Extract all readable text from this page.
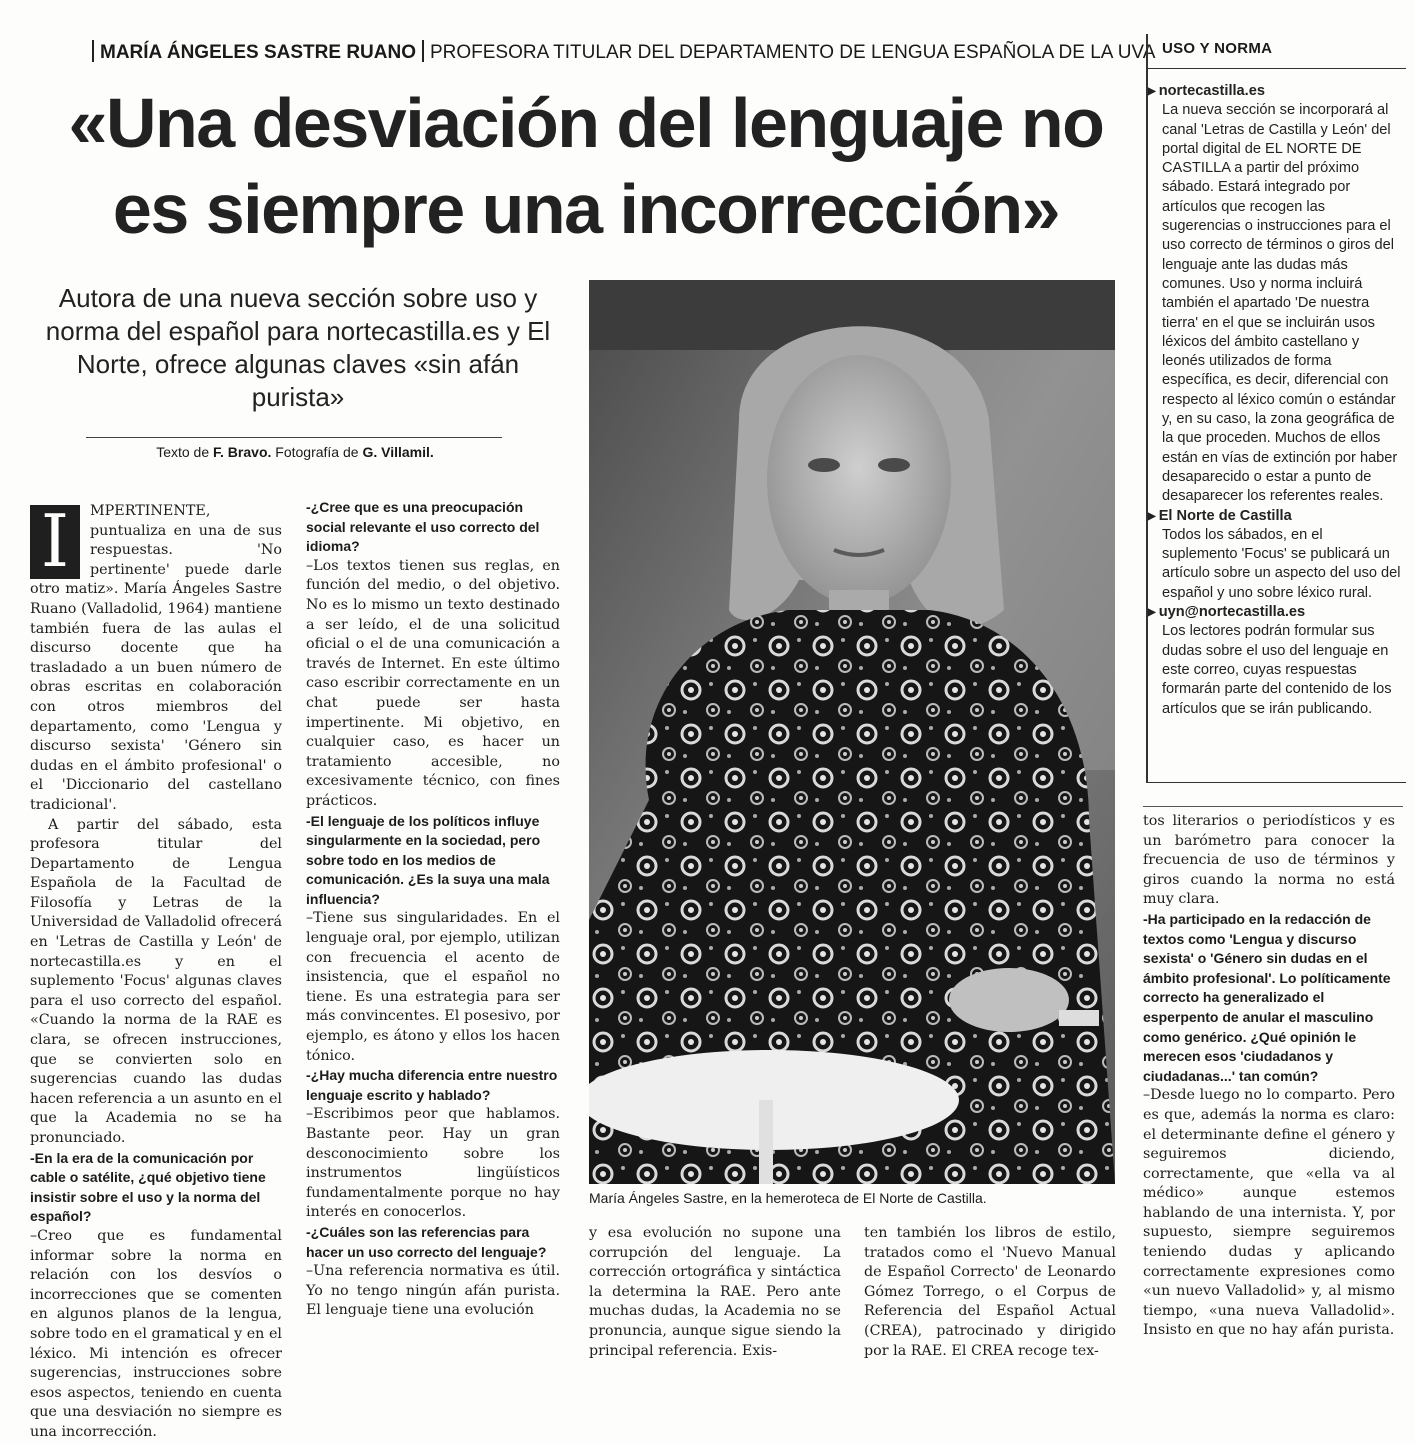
MARÍA ÁNGELES SASTRE RUANO PROFESORA TITULAR DEL DEPARTAMENTO DE LENGUA ESPAÑOLA DE LA UVA
«Una desviación del lenguaje no
es siempre una incorrección»
Autora de una nueva sección sobre uso y norma del español para nortecastilla.es y El Norte, ofrece algunas claves «sin afán purista»
Texto de F. Bravo. Fotografía de G. Villamil.
I	MPERTINENTE, puntualiza en una de sus respuestas. 'No pertinente' puede darle otro matiz». María Ángeles Sastre Ruano (Valladolid, 1964) mantiene también fuera de las aulas el discurso docente que ha trasladado a un buen número de obras escritas en colaboración con otros miembros del departamento, como 'Lengua y discurso sexista' 'Género sin dudas en el ámbito profesional' o el 'Diccionario del castellano tradicional'.

A partir del sábado, esta profesora titular del Departamento de Lengua Española de la Facultad de Filosofía y Letras de la Universidad de Valladolid ofrecerá en 'Letras de Castilla y León' de nortecastilla.es y en el suplemento 'Focus' algunas claves para el uso correcto del español. «Cuando la norma de la RAE es clara, se ofrecen instrucciones, que se convierten solo en sugerencias cuando las dudas hacen referencia a un asunto en el que la Academia no se ha pronunciado.

-En la era de la comunicación por cable o satélite, ¿qué objetivo tiene insistir sobre el uso y la norma del español?

–Creo que es fundamental informar sobre la norma en relación con los desvíos o incorrecciones que se comenten en algunos planos de la lengua, sobre todo en el gramatical y en el léxico. Mi intención es ofrecer sugerencias, instrucciones sobre esos aspectos, teniendo en cuenta que una desviación no siempre es una incorrección.

-¿Cree que es una preocupación social relevante el uso correcto del idioma?

–Los textos tienen sus reglas, en función del medio, o del objetivo. No es lo mismo un texto destinado a ser leído, el de una solicitud oficial o el de una comunicación a través de Internet. En este último caso escribir correctamente en un chat puede ser hasta impertinente. Mi objetivo, en cualquier caso, es hacer un tratamiento accesible, no excesivamente técnico, con fines prácticos.

-El lenguaje de los políticos influye singularmente en la sociedad, pero sobre todo en los medios de comunicación. ¿Es la suya una mala influencia?

–Tiene sus singularidades. En el lenguaje oral, por ejemplo, utilizan con frecuencia el acento de insistencia, que el español no tiene. Es una estrategia para ser más convincentes. El posesivo, por ejemplo, es átono y ellos los hacen tónico.

-¿Hay mucha diferencia entre nuestro lenguaje escrito y hablado?

–Escribimos peor que hablamos. Bastante peor. Hay un gran desconocimiento sobre los instrumentos lingüísticos fundamentalmente porque no hay interés en conocerlos.

-¿Cuáles son las referencias para hacer un uso correcto del lenguaje?

–Una referencia normativa es útil. Yo no tengo ningún afán purista. El lenguaje tiene una evolución

María Ángeles Sastre, en la hemeroteca de El Norte de Castilla.

y esa evolución no supone una corrupción del lenguaje. La corrección ortográfica y sintáctica la determina la RAE. Pero ante muchas dudas, la Academia no se pronuncia, aunque sigue siendo la principal referencia. Exis-

ten también los libros de estilo, tratados como el 'Nuevo Manual de Español Correcto' de Leonardo Gómez Torrego, o el Corpus de Referencia del Español Actual (CREA), patrocinado y dirigido por la RAE. El CREA recoge tex-

USO Y NORMA

▶ nortecastilla.es

La nueva sección se incorporará al canal 'Letras de Castilla y León' del portal digital de EL NORTE DE CASTILLA a partir del próximo sábado. Estará integrado por artículos que recogen las sugerencias o instrucciones para el uso correcto de términos o giros del lenguaje ante las dudas más comunes. Uso y norma incluirá también el apartado 'De nuestra tierra' en el que se incluirán usos léxicos del ámbito castellano y leonés utilizados de forma específica, es decir, diferencial con respecto al léxico común o estándar y, en su caso, la zona geográfica de la que proceden. Muchos de ellos están en vías de extinción por haber desaparecido o estar a punto de desaparecer los referentes reales.

▶ El Norte de Castilla

Todos los sábados, en el suplemento 'Focus' se publicará un artículo sobre un aspecto del uso del español y uno sobre léxico rural.

▶ uyn@nortecastilla.es

Los lectores podrán formular sus dudas sobre el uso del lenguaje en este correo, cuyas respuestas formarán parte del contenido de los artículos que se irán publicando.

tos literarios o periodísticos y es un barómetro para conocer la frecuencia de uso de términos y giros cuando la norma no está muy clara.

-Ha participado en la redacción de textos como 'Lengua y discurso sexista' o 'Género sin dudas en el ámbito profesional'. Lo políticamente correcto ha generalizado el esperpento de anular el masculino como genérico. ¿Qué opinión le merecen esos 'ciudadanos y ciudadanas...' tan común?

–Desde luego no lo comparto. Pero es que, además la norma es claro: el determinante define el género y seguiremos diciendo, correctamente, que «ella va al médico» aunque estemos hablando de una internista. Y, por supuesto, siempre seguiremos teniendo dudas y aplicando correctamente expresiones como «un nuevo Valladolid» y, al mismo tiempo, «una nueva Valladolid». Insisto en que no hay afán purista.
